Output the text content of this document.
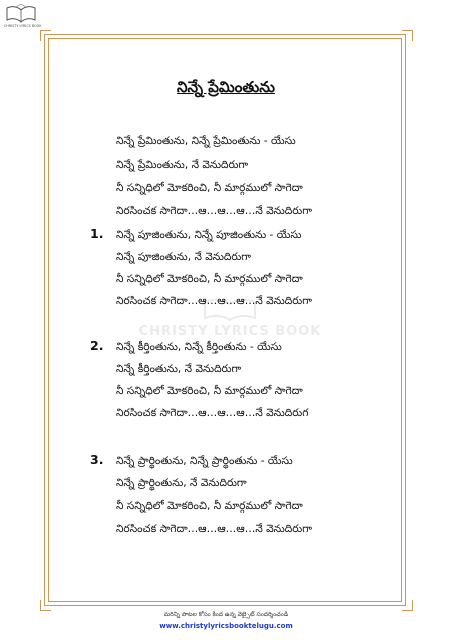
CHRISTY LYRICS BOOK
CHRISTY LYRICS BOOK
నిన్నే ప్రేమింతును
నిన్నే ప్రేమింతును, నిన్నే ప్రేమింతును - యేసు
నిన్నే ప్రేమింతును, నే వెనుదిరుగా
నీ సన్నిధిలో మోకరించి, నీ మార్గములో సాగెదా
నిరసించక సాగెదా…ఆ…ఆ…ఆ…నే వెనుదిరుగా
1. నిన్నే పూజింతును, నిన్నే పూజింతును - యేసు
నిన్నే పూజింతును, నే వెనుదిరుగా
నీ సన్నిధిలో మోకరించి, నీ మార్గములో సాగెదా
నిరసించక సాగెదా…ఆ…ఆ…ఆ…నే వెనుదిరుగా
2. నిన్నే కీర్తింతును, నిన్నే కీర్తింతును - యేసు
నిన్నే కీర్తింతును, నే వెనుదిరుగా
నీ సన్నిధిలో మోకరించి, నీ మార్గములో సాగెదా
నిరసించక సాగెదా…ఆ…ఆ…ఆ…నే వెనుదిరుగ
3. నిన్నే ప్రార్థింతును, నిన్నే ప్రార్థింతును - యేసు
నిన్నే ప్రార్థింతును, నే వెనుదిరుగా
నీ సన్నిధిలో మోకరించి, నీ మార్గములో సాగెదా
నిరసించక సాగెదా…ఆ…ఆ…ఆ…నే వెనుదిరుగా
మరిన్ని పాటల కోసం కింద ఉన్న వెబ్సైట్ సందర్శించండి
www.christylyricsbooktelugu.com
